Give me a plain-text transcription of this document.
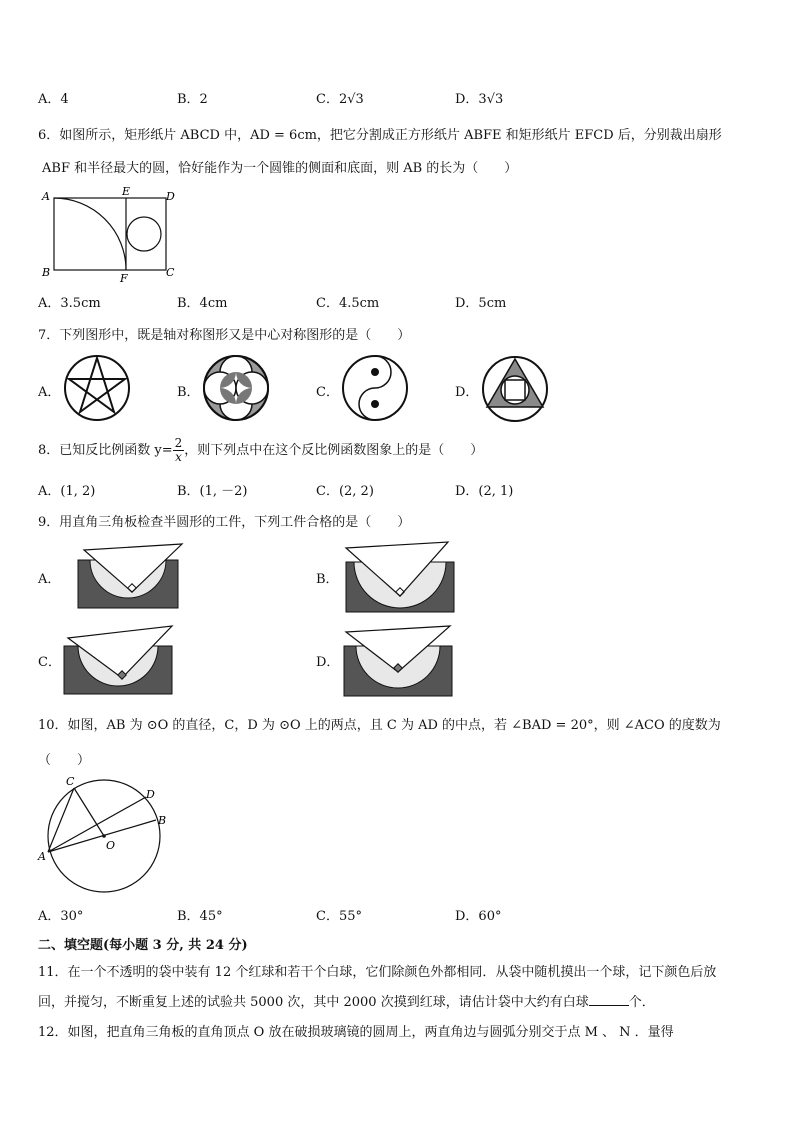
A．4	B．2	C．2√3	D．3√3
6．如图所示，矩形纸片 ABCD 中，AD = 6cm，把它分割成正方形纸片 ABFE 和矩形纸片 EFCD 后，分别裁出扇形
ABF 和半径最大的圆，恰好能作为一个圆锥的侧面和底面，则 AB 的长为（　　）
A	E	D
B	F	C
A．3.5cm	B．4cm	C．4.5cm	D．5cm
7．下列图形中，既是轴对称图形又是中心对称图形的是（　　）
A．	B．	C．	D．
8．已知反比例函数 $y= \frac{2}{x}$ ，则下列点中在这个反比例函数图象上的是（　　）
A．(1, 2)	B．(1, －2)	C．(2, 2)	D．(2, 1)
9．用直角三角板检查半圆形的工件，下列工件合格的是（　　）
A．	B．
C．	D．
10．如图，AB 为 ⊙O 的直径，C，D 为 ⊙O 上的两点，且 C 为 AD 的中点，若 ∠BAD = 20°，则 ∠ACO 的度数为
（　　）
A
C
D
B
O
A．30°	B．45°	C．55°	D．60°
二、填空题(每小题 3 分, 共 24 分)
11．在一个不透明的袋中装有 12 个红球和若干个白球，它们除颜色外都相同．从袋中随机摸出一个球，记下颜色后放
回，并搅匀，不断重复上述的试验共 5000 次，其中 2000 次摸到红球，请估计袋中大约有白球	个．
12．如图，把直角三角板的直角顶点 O 放在破损玻璃镜的圆周上，两直角边与圆弧分别交于点 M 、 N ．量得
